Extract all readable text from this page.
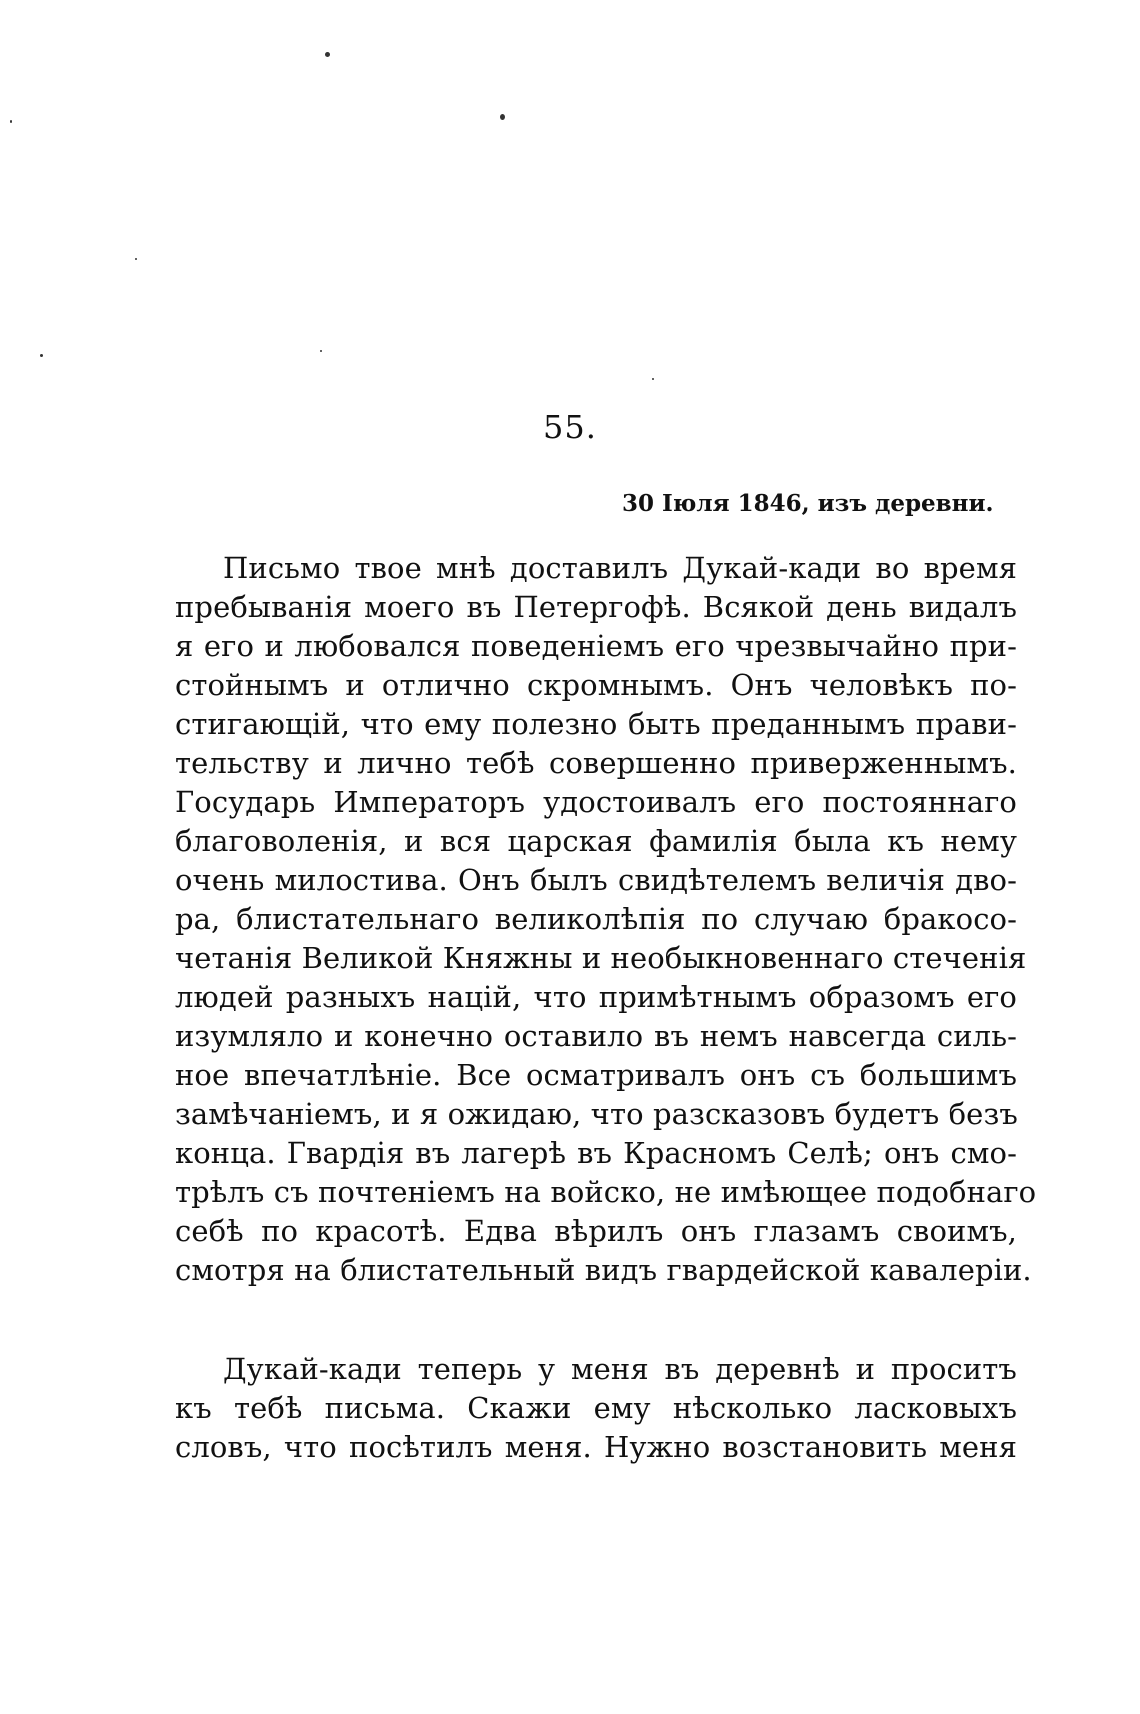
55.
30 Іюля 1846, изъ деревни.
Письмо твое мнѣ доставилъ Дукай-кади во время
пребыванія моего въ Петергофѣ. Всякой день видалъ
я его и любовался поведеніемъ его чрезвычайно при-
стойнымъ и отлично скромнымъ. Онъ человѣкъ по-
стигающій, что ему полезно быть преданнымъ прави-
тельству и лично тебѣ совершенно приверженнымъ.
Государь Императоръ удостоивалъ его постояннаго
благоволенія, и вся царская фамилія была къ нему
очень милостива. Онъ былъ свидѣтелемъ величія дво-
ра, блистательнаго великолѣпія по случаю бракосо-
четанія Великой Княжны и необыкновеннаго стеченія
людей разныхъ націй, что примѣтнымъ образомъ его
изумляло и конечно оставило въ немъ навсегда силь-
ное впечатлѣніе. Все осматривалъ онъ съ большимъ
замѣчаніемъ, и я ожидаю, что разсказовъ будетъ безъ
конца. Гвардія въ лагерѣ въ Красномъ Селѣ; онъ смо-
трѣлъ съ почтеніемъ на войско, не имѣющее подобнаго
себѣ по красотѣ. Едва вѣрилъ онъ глазамъ своимъ,
смотря на блистательный видъ гвардейской кавалеріи.
Дукай-кади теперь у меня въ деревнѣ и проситъ
къ тебѣ письма. Скажи ему нѣсколько ласковыхъ
словъ, что посѣтилъ меня. Нужно возстановить меня
